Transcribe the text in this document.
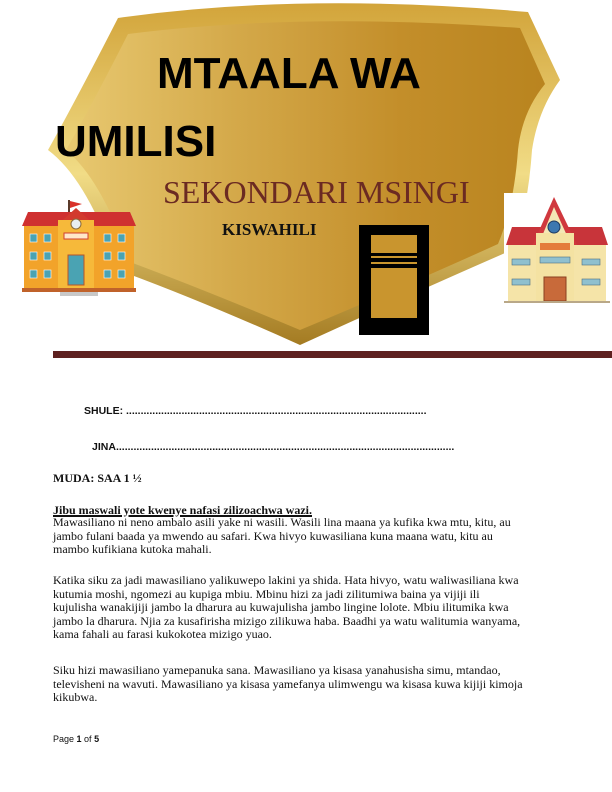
MTAALA WA
UMILISI
SEKONDARI MSINGI
KISWAHILI
SHULE: .......................................................................................................
JINA....................................................................................................................
MUDA: SAA 1 ½
Jibu maswali yote kwenye nafasi zilizoachwa wazi.
Mawasiliano ni neno ambalo asili yake ni wasili. Wasili lina maana ya kufika kwa mtu, kitu, au
jambo fulani baada ya mwendo au safari. Kwa hivyo kuwasiliana kuna maana watu, kitu au
mambo kufikiana kutoka mahali.
Katika siku za jadi mawasiliano yalikuwepo lakini ya shida. Hata hivyo, watu waliwasiliana kwa
kutumia moshi, ngomezi au kupiga mbiu. Mbinu hizi za jadi zilitumiwa baina ya vijiji ili
kujulisha wanakijiji jambo la dharura au kuwajulisha jambo lingine lolote. Mbiu ilitumika kwa
jambo la dharura. Njia za kusafirisha mizigo zilikuwa haba. Baadhi ya watu walitumia wanyama,
kama fahali au farasi kukokotea mizigo yuao.
Siku hizi mawasiliano yamepanuka sana. Mawasiliano ya kisasa yanahusisha simu, mtandao,
televisheni na wavuti. Mawasiliano ya kisasa yamefanya ulimwengu wa kisasa kuwa kijiji kimoja
kikubwa.
Page 1 of 5
